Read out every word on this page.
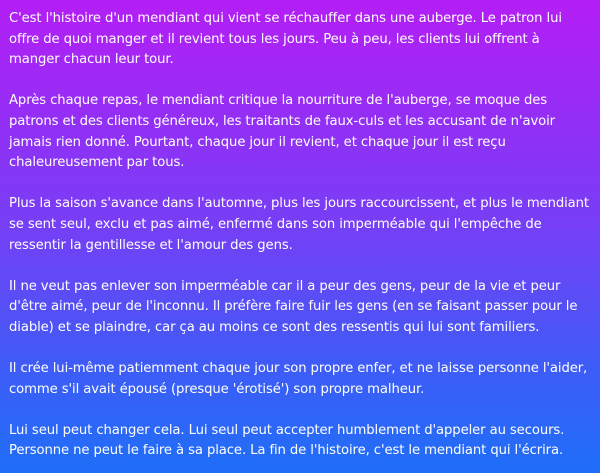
C'est l'histoire d'un mendiant qui vient se réchauffer dans une auberge. Le patron lui offre de quoi manger et il revient tous les jours. Peu à peu, les clients lui offrent à manger chacun leur tour.

Après chaque repas, le mendiant critique la nourriture de l'auberge, se moque des patrons et des clients généreux, les traitants de faux-culs et les accusant de n'avoir jamais rien donné. Pourtant, chaque jour il revient, et chaque jour il est reçu chaleureusement par tous.

Plus la saison s'avance dans l'automne, plus les jours raccourcissent, et plus le mendiant se sent seul, exclu et pas aimé, enfermé dans son imperméable qui l'empêche de ressentir la gentillesse et l'amour des gens.

Il ne veut pas enlever son imperméable car il a peur des gens, peur de la vie et peur d'être aimé, peur de l'inconnu. Il préfère faire fuir les gens (en se faisant passer pour le diable) et se plaindre, car ça au moins ce sont des ressentis qui lui sont familiers.

Il crée lui-même patiemment chaque jour son propre enfer, et ne laisse personne l'aider, comme s'il avait épousé (presque 'érotisé') son propre malheur.

Lui seul peut changer cela. Lui seul peut accepter humblement d'appeler au secours. Personne ne peut le faire à sa place. La fin de l'histoire, c'est le mendiant qui l'écrira.
